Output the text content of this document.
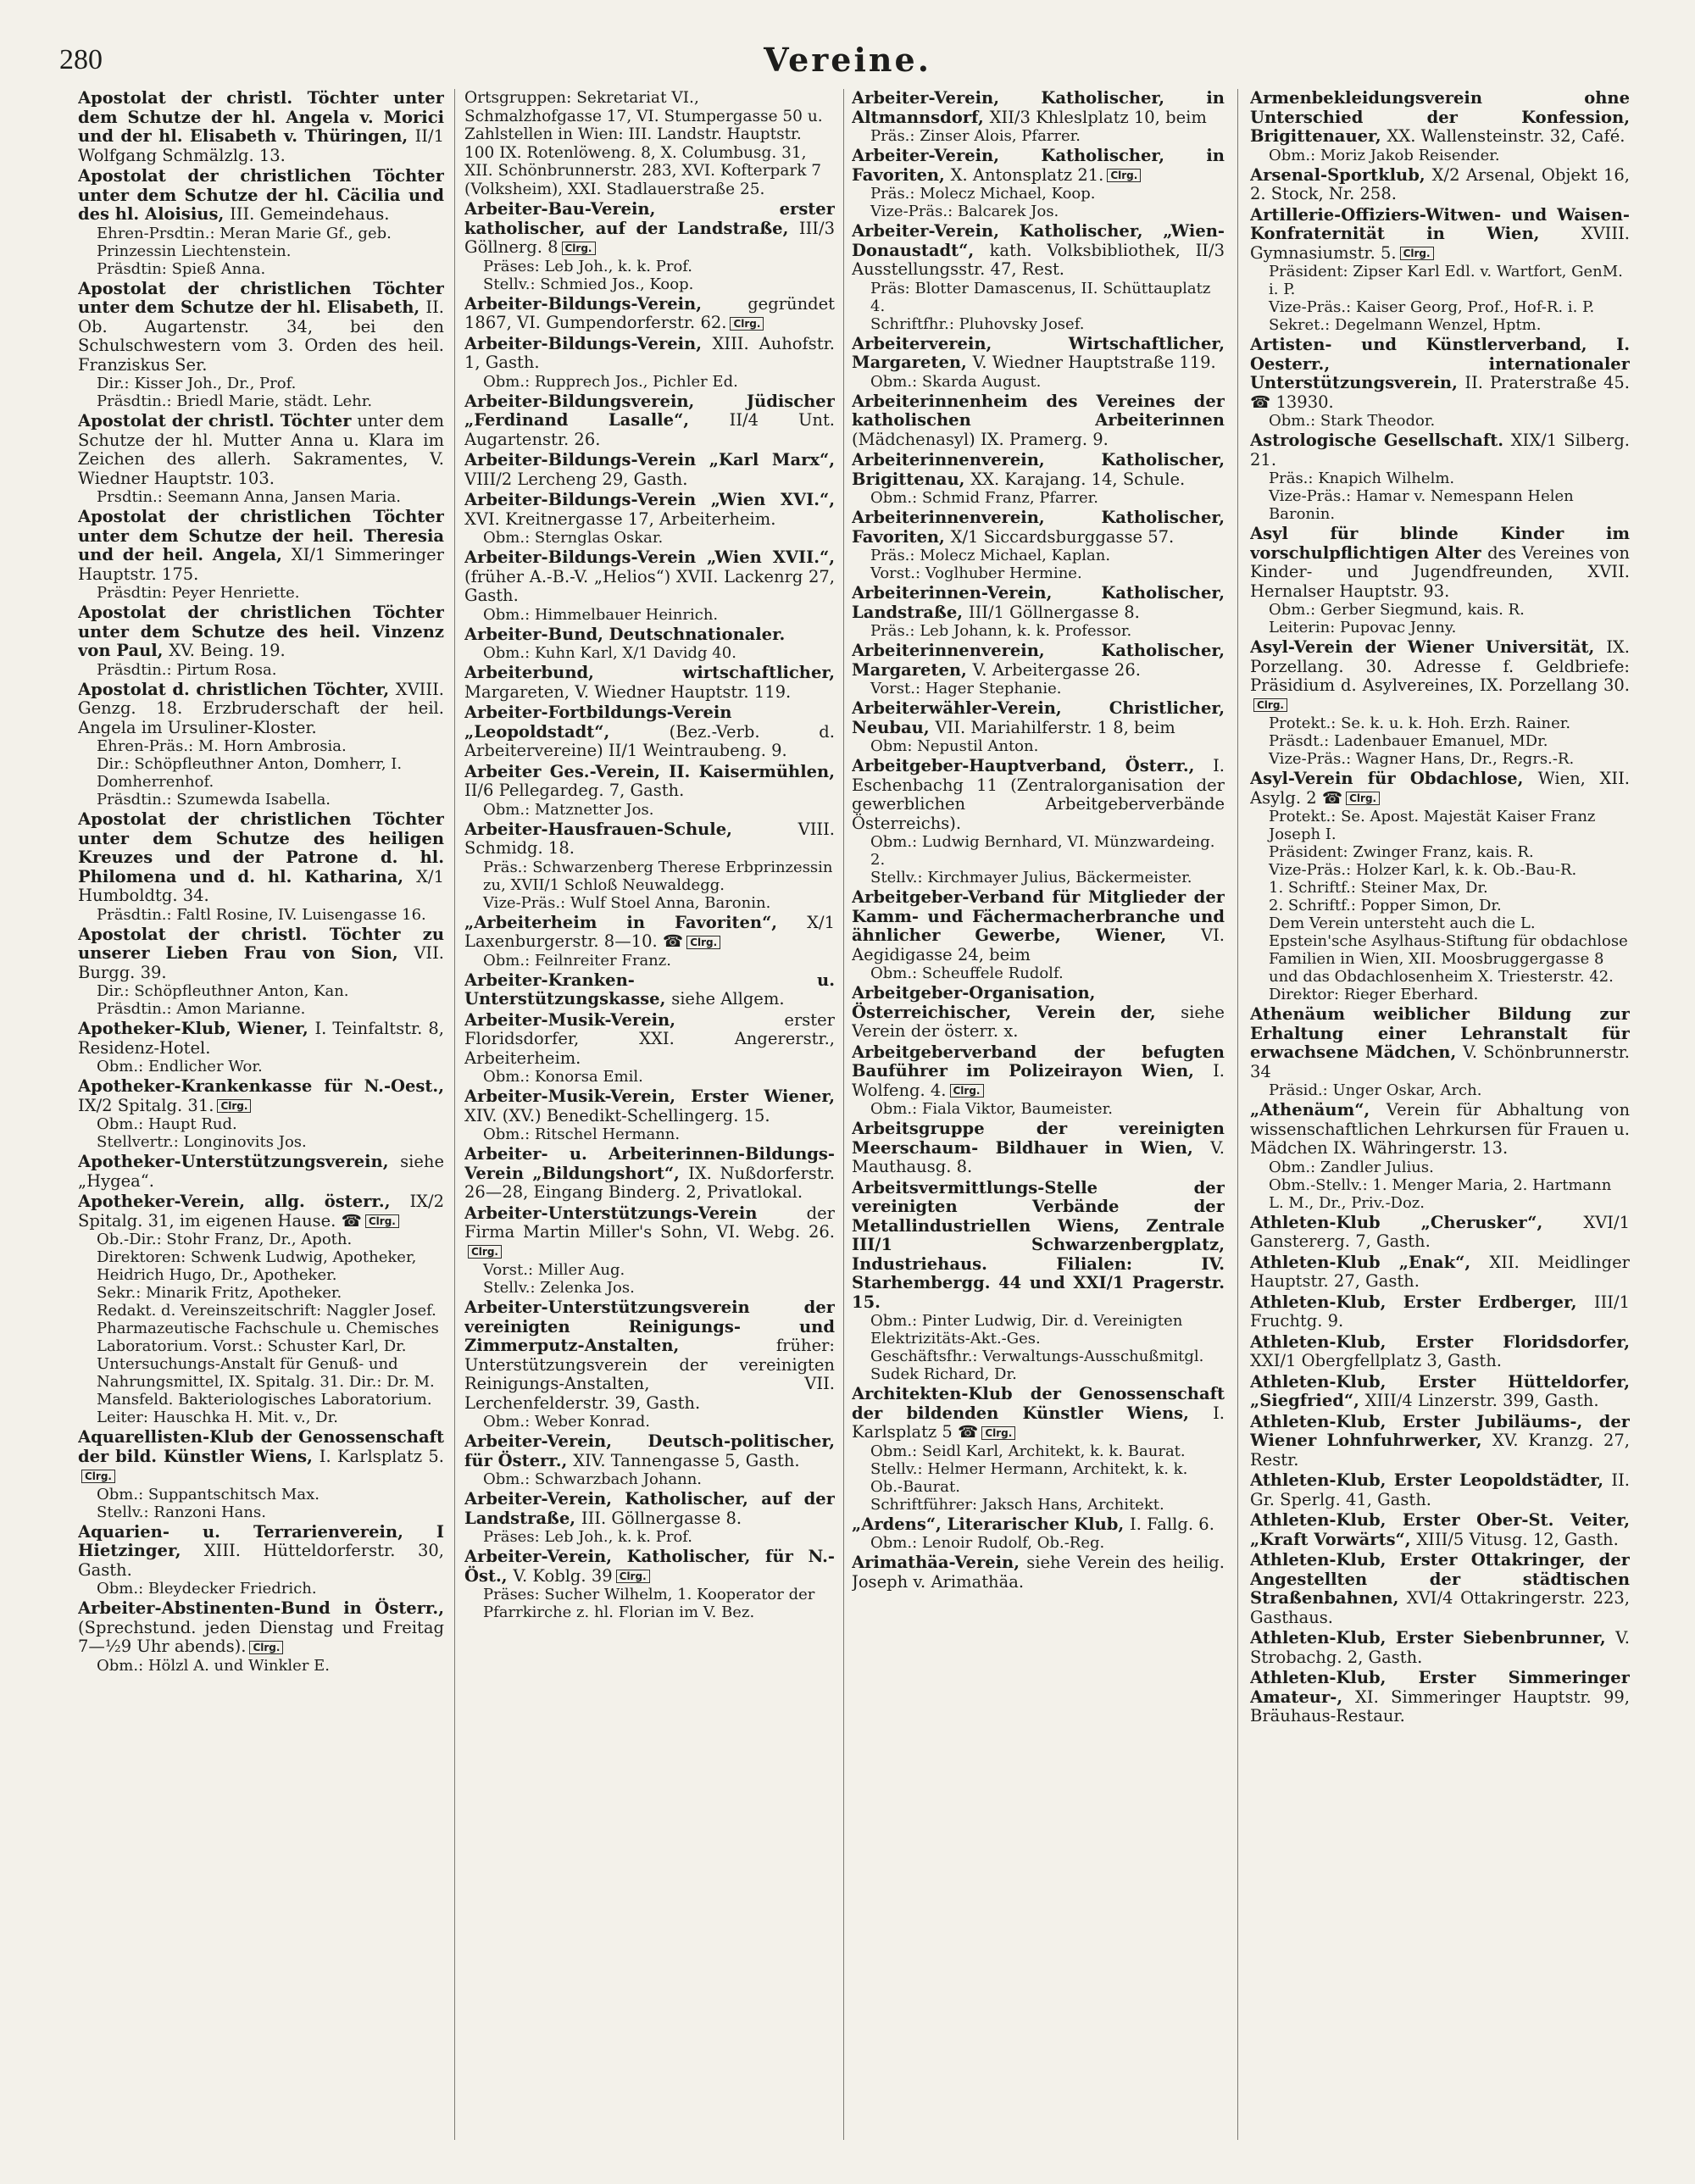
280	Vereine.

Apostolat der christl. Töchter unter dem Schutze der hl. Angela v. Morici und der hl. Elisabeth v. Thüringen, II/1 Wolfgang Schmälzlg. 13.

Apostolat der christlichen Töchter unter dem Schutze der hl. Cäcilia und des hl. Aloisius, III. Gemeindehaus.

Ehren-Prsdtin.: Meran Marie Gf., geb. Prinzessin Liechtenstein.

Präsdtin: Spieß Anna.

Apostolat der christlichen Töchter unter dem Schutze der hl. Elisabeth, II. Ob. Augartenstr. 34, bei den Schulschwestern vom 3. Orden des heil. Franziskus Ser.

Dir.: Kisser Joh., Dr., Prof.

Präsdtin.: Briedl Marie, städt. Lehr.

Apostolat der christl. Töchter unter dem Schutze der hl. Mutter Anna u. Klara im Zeichen des allerh. Sakramentes, V. Wiedner Hauptstr. 103.

Prsdtin.: Seemann Anna, Jansen Maria.

Apostolat der christlichen Töchter unter dem Schutze der heil. Theresia und der heil. Angela, XI/1 Simmeringer Hauptstr. 175.

Präsdtin: Peyer Henriette.

Apostolat der christlichen Töchter unter dem Schutze des heil. Vinzenz von Paul, XV. Being. 19.

Präsdtin.: Pirtum Rosa.

Apostolat d. christlichen Töchter, XVIII. Genzg. 18. Erzbruderschaft der heil. Angela im Ursuliner-Kloster.

Ehren-Präs.: M. Horn Ambrosia.

Dir.: Schöpfleuthner Anton, Domherr, I. Domherrenhof.

Präsdtin.: Szumewda Isabella.

Apostolat der christlichen Töchter unter dem Schutze des heiligen Kreuzes und der Patrone d. hl. Philomena und d. hl. Katharina, X/1 Humboldtg. 34.

Präsdtin.: Faltl Rosine, IV. Luisengasse 16.

Apostolat der christl. Töchter zu unserer Lieben Frau von Sion, VII. Burgg. 39.

Dir.: Schöpfleuthner Anton, Kan.

Präsdtin.: Amon Marianne.

Apotheker-Klub, Wiener, I. Teinfaltstr. 8, Residenz-Hotel.

Obm.: Endlicher Wor.

Apotheker-Krankenkasse für N.-Oest., IX/2 Spitalg. 31. Clrg.

Obm.: Haupt Rud.

Stellvertr.: Longinovits Jos.

Apotheker-Unterstützungsverein, siehe „Hygea“.

Apotheker-Verein, allg. österr., IX/2 Spitalg. 31, im eigenen Hause. ☎ Clrg.

Ob.-Dir.: Stohr Franz, Dr., Apoth.

Direktoren: Schwenk Ludwig, Apotheker, Heidrich Hugo, Dr., Apotheker.

Sekr.: Minarik Fritz, Apotheker.

Redakt. d. Vereinszeitschrift: Naggler Josef.

Pharmazeutische Fachschule u. Chemisches Laboratorium. Vorst.: Schuster Karl, Dr. Untersuchungs-Anstalt für Genuß- und Nahrungsmittel, IX. Spitalg. 31. Dir.: Dr. M. Mansfeld. Bakteriologisches Laboratorium. Leiter: Hauschka H. Mit. v., Dr.

Aquarellisten-Klub der Genossenschaft der bild. Künstler Wiens, I. Karlsplatz 5.Clrg.

Obm.: Suppantschitsch Max.

Stellv.: Ranzoni Hans.

Aquarien- u. Terrarienverein, I Hietzinger, XIII. Hütteldorferstr. 30, Gasth.

Obm.: Bleydecker Friedrich.

Arbeiter-Abstinenten-Bund in Österr., (Sprechstund. jeden Dienstag und Freitag 7—½9 Uhr abends). Clrg.

Obm.: Hölzl A. und Winkler E.

Ortsgruppen: Sekretariat VI., Schmalzhofgasse 17, VI. Stumpergasse 50 u. Zahlstellen in Wien: III. Landstr. Hauptstr. 100 IX. Rotenlöweng. 8, X. Columbusg. 31, XII. Schönbrunnerstr. 283, XVI. Kofterpark 7 (Volksheim), XXI. Stadlauerstraße 25.

Arbeiter-Bau-Verein, erster katholischer, auf der Landstraße, III/3 Göllnerg. 8 Clrg.

Präses: Leb Joh., k. k. Prof.

Stellv.: Schmied Jos., Koop.

Arbeiter-Bildungs-Verein,	gegründet 1867, VI. Gumpendorferstr. 62. Clrg.

Arbeiter-Bildungs-Verein, XIII. Auhofstr. 1, Gasth.

Obm.: Rupprech Jos., Pichler Ed.

Arbeiter-Bildungsverein, Jüdischer „Ferdinand Lasalle“, II/4 Unt. Augartenstr. 26.

Arbeiter-Bildungs-Verein „Karl Marx“, VIII/2 Lercheng 29, Gasth.

Arbeiter-Bildungs-Verein „Wien XVI.“, XVI. Kreitnergasse 17, Arbeiterheim.

Obm.: Sternglas Oskar.

Arbeiter-Bildungs-Verein „Wien XVII.“, (früher A.-B.-V. „Helios“) XVII. Lackenrg 27, Gasth.

Obm.: Himmelbauer Heinrich.

Arbeiter-Bund, Deutschnationaler.

Obm.: Kuhn Karl, X/1 Davidg 40.

Arbeiterbund, wirtschaftlicher, Margareten, V. Wiedner Hauptstr. 119.

Arbeiter-Fortbildungs-Verein „Leopoldstadt“,	(Bez.-Verb. d. Arbeitervereine) II/1 Weintraubeng. 9.

Arbeiter Ges.-Verein, II. Kaisermühlen, II/6 Pellegardeg. 7, Gasth.

Obm.: Matznetter Jos.

Arbeiter-Hausfrauen-Schule,	VIII. Schmidg. 18.

Präs.: Schwarzenberg Therese Erbprinzessin zu, XVII/1 Schloß Neuwaldegg.

Vize-Präs.: Wulf Stoel Anna, Baronin.

„Arbeiterheim in Favoriten“, X/1 Laxenburgerstr. 8—10. ☎ Clrg.

Obm.: Feilnreiter Franz.

Arbeiter-Kranken- u. Unterstützungskasse, siehe Allgem.

Arbeiter-Musik-Verein,	erster Floridsdorfer, XXI. Angererstr., Arbeiterheim.

Obm.: Konorsa Emil.

Arbeiter-Musik-Verein, Erster Wiener, XIV. (XV.) Benedikt-Schellingerg. 15.

Obm.: Ritschel Hermann.

Arbeiter- u. Arbeiterinnen-Bildungs-Verein „Bildungshort“, IX. Nußdorferstr. 26—28, Eingang Binderg. 2, Privatlokal.

Arbeiter-Unterstützungs-Verein	der Firma Martin Miller's Sohn, VI. Webg. 26.Clrg.

Vorst.: Miller Aug.

Stellv.: Zelenka Jos.

Arbeiter-Unterstützungsverein der vereinigten Reinigungs- und Zimmerputz-Anstalten,	früher: Unterstützungsverein der vereinigten Reinigungs-Anstalten, VII. Lerchenfelderstr. 39, Gasth.

Obm.: Weber Konrad.

Arbeiter-Verein, Deutsch-politischer, für Österr., XIV. Tannengasse 5, Gasth.

Obm.: Schwarzbach Johann.

Arbeiter-Verein, Katholischer, auf der Landstraße, III. Göllnergasse 8.

Präses: Leb Joh., k. k. Prof.

Arbeiter-Verein, Katholischer, für N.-Öst., V. Koblg. 39 Clrg.

Präses: Sucher Wilhelm, 1. Kooperator der Pfarrkirche z. hl. Florian im V. Bez.

Arbeiter-Verein, Katholischer, in Altmannsdorf, XII/3 Khleslplatz 10, beim

Präs.: Zinser Alois, Pfarrer.

Arbeiter-Verein, Katholischer, in Favoriten, X. Antonsplatz 21. Clrg.

Präs.: Molecz Michael, Koop.

Vize-Präs.: Balcarek Jos.

Arbeiter-Verein, Katholischer, „Wien-Donaustadt“, kath. Volksbibliothek, II/3 Ausstellungsstr. 47, Rest.

Präs: Blotter Damascenus, II. Schüttauplatz 4.

Schriftfhr.: Pluhovsky Josef.

Arbeiterverein, Wirtschaftlicher, Margareten, V. Wiedner Hauptstraße 119.

Obm.: Skarda August.

Arbeiterinnenheim des Vereines der katholischen Arbeiterinnen (Mädchenasyl) IX. Pramerg. 9.

Arbeiterinnenverein, Katholischer, Brigittenau, XX. Karajang. 14, Schule.

Obm.: Schmid Franz, Pfarrer.

Arbeiterinnenverein, Katholischer, Favoriten, X/1 Siccardsburggasse 57.

Präs.: Molecz Michael, Kaplan.

Vorst.: Voglhuber Hermine.

Arbeiterinnen-Verein, Katholischer, Landstraße, III/1 Göllnergasse 8.

Präs.: Leb Johann, k. k. Professor.

Arbeiterinnenverein, Katholischer, Margareten, V. Arbeitergasse 26.

Vorst.: Hager Stephanie.

Arbeiterwähler-Verein, Christlicher, Neubau, VII. Mariahilferstr. 1 8, beim

Obm: Nepustil Anton.

Arbeitgeber-Hauptverband, Österr., I. Eschenbachg 11 (Zentralorganisation der gewerblichen Arbeitgeberverbände Österreichs).

Obm.: Ludwig Bernhard, VI. Münzwardeing. 2.

Stellv.: Kirchmayer Julius, Bäckermeister.

Arbeitgeber-Verband für Mitglieder der Kamm- und Fächermacherbranche und ähnlicher Gewerbe, Wiener, VI. Aegidigasse 24, beim

Obm.: Scheuffele Rudolf.

Arbeitgeber-Organisation, Österreichischer, Verein der, siehe Verein der österr. x.

Arbeitgeberverband der befugten Bauführer im Polizeirayon Wien, I. Wolfeng. 4. Clrg.

Obm.: Fiala Viktor, Baumeister.

Arbeitsgruppe der vereinigten Meerschaum- Bildhauer in Wien, V. Mauthausg. 8.

Arbeitsvermittlungs-Stelle der vereinigten Verbände der Metallindustriellen Wiens, Zentrale III/1 Schwarzenbergplatz, Industriehaus. Filialen: IV. Starhembergg. 44 und XXI/1 Pragerstr. 15.

Obm.: Pinter Ludwig, Dir. d. Vereinigten Elektrizitäts-Akt.-Ges.

Geschäftsfhr.: Verwaltungs-Ausschußmitgl. Sudek Richard, Dr.

Architekten-Klub der Genossenschaft der bildenden Künstler Wiens, I. Karlsplatz 5 ☎ Clrg.

Obm.: Seidl Karl, Architekt, k. k. Baurat.

Stellv.: Helmer Hermann, Architekt, k. k. Ob.-Baurat.

Schriftführer: Jaksch Hans, Architekt.

„Ardens“, Literarischer Klub, I. Fallg. 6.

Obm.: Lenoir Rudolf, Ob.-Reg.

Arimathäa-Verein, siehe Verein des heilig. Joseph v. Arimathäa.

Armenbekleidungsverein ohne Unterschied der Konfession, Brigittenauer, XX. Wallensteinstr. 32, Café.

Obm.: Moriz Jakob Reisender.

Arsenal-Sportklub, X/2 Arsenal, Objekt 16, 2. Stock, Nr. 258.

Artillerie-Offiziers-Witwen- und Waisen-Konfraternität in Wien,	XVIII. Gymnasiumstr. 5. Clrg.

Präsident: Zipser Karl Edl. v. Wartfort, GenM. i. P.

Vize-Präs.: Kaiser Georg, Prof., Hof-R. i. P.

Sekret.: Degelmann Wenzel, Hptm.

Artisten- und Künstlerverband, I. Oesterr., internationaler Unterstützungsverein, II. Praterstraße 45. ☎ 13930.

Obm.: Stark Theodor.

Astrologische Gesellschaft. XIX/1 Silberg. 21.

Präs.: Knapich Wilhelm.

Vize-Präs.: Hamar v. Nemespann Helen Baronin.

Asyl für blinde Kinder im vorschulpflichtigen Alter des Vereines von Kinder- und Jugendfreunden, XVII. Hernalser Hauptstr. 93.

Obm.: Gerber Siegmund, kais. R.

Leiterin: Pupovac Jenny.

Asyl-Verein der Wiener Universität, IX. Porzellang. 30. Adresse f. Geldbriefe: Präsidium d. Asylvereines, IX. Porzellang 30.Clrg.

Protekt.: Se. k. u. k. Hoh. Erzh. Rainer.

Präsdt.: Ladenbauer Emanuel, MDr.

Vize-Präs.: Wagner Hans, Dr., Regrs.-R.

Asyl-Verein für Obdachlose, Wien, XII. Asylg. 2 ☎ Clrg.

Protekt.: Se. Apost. Majestät Kaiser Franz Joseph I.

Präsident: Zwinger Franz, kais. R.

Vize-Präs.: Holzer Karl, k. k. Ob.-Bau-R.

1. Schriftf.: Steiner Max, Dr.

2. Schriftf.: Popper Simon, Dr.

Dem Verein untersteht auch die L. Epstein'sche Asylhaus-Stiftung für obdachlose Familien in Wien, XII. Moosbruggergasse 8 und das Obdachlosenheim X. Triesterstr. 42.

Direktor: Rieger Eberhard.

Athenäum weiblicher Bildung zur Erhaltung einer Lehranstalt für erwachsene Mädchen, V. Schönbrunnerstr. 34

Präsid.: Unger Oskar, Arch.

„Athenäum“, Verein für Abhaltung von wissenschaftlichen Lehrkursen für Frauen u. Mädchen IX. Währingerstr. 13.

Obm.: Zandler Julius.

Obm.-Stellv.: 1. Menger Maria, 2. Hartmann L. M., Dr., Priv.-Doz.

Athleten-Klub „Cherusker“, XVI/1 Ganstererg. 7, Gasth.

Athleten-Klub „Enak“, XII. Meidlinger Hauptstr. 27, Gasth.

Athleten-Klub, Erster Erdberger, III/1 Fruchtg. 9.

Athleten-Klub, Erster Floridsdorfer, XXI/1 Obergfellplatz 3, Gasth.

Athleten-Klub, Erster Hütteldorfer, „Siegfried“, XIII/4 Linzerstr. 399, Gasth.

Athleten-Klub, Erster Jubiläums-, der Wiener Lohnfuhrwerker, XV. Kranzg. 27, Restr.

Athleten-Klub, Erster Leopoldstädter, II. Gr. Sperlg. 41, Gasth.

Athleten-Klub, Erster Ober-St. Veiter, „Kraft Vorwärts“, XIII/5 Vitusg. 12, Gasth.

Athleten-Klub, Erster Ottakringer, der Angestellten der städtischen Straßenbahnen, XVI/4 Ottakringerstr. 223, Gasthaus.

Athleten-Klub, Erster Siebenbrunner, V. Strobachg. 2, Gasth.

Athleten-Klub, Erster Simmeringer Amateur-, XI. Simmeringer Hauptstr. 99, Bräuhaus-Restaur.
